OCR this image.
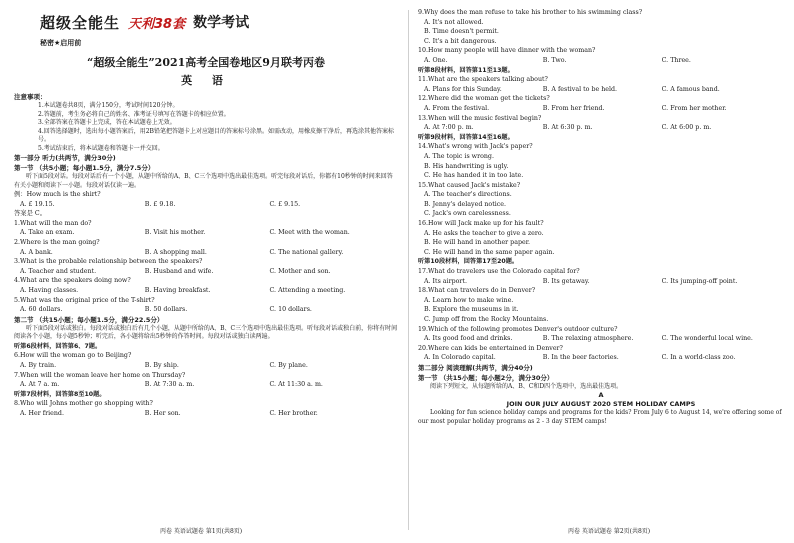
超级全能生 天利38套 数学考试
秘密★启用前
“超级全能生”2021高考全国卷地区9月联考丙卷
英 语
注意事项：
1.本试题卷共8页，满分150分，考试时间120分钟。
2.答题前，考生务必将自己的姓名、准考证号填写在答题卡的相应位置。
3.全部答案在答题卡上完成，答在本试题卷上无效。
4.回答选择题时，选出每小题答案后，用2B铅笔把答题卡上对应题目的答案标号涂黑。如需改动，用橡皮擦干净后，再选涂其他答案标号。
5.考试结束后，将本试题卷和答题卡一并交回。
第一部分 听力(共两节，满分30分)
第一节 （共5小题；每小题1.5分，满分7.5分）
听下面5段对话。每段对话后有一个小题，从题中所给的A、B、C三个选项中选出最佳选项。听完每段对话后，你都有10秒钟的时间来回答有关小题和阅读下一小题。每段对话仅读一遍。
例：How much is the shirt?
A. £ 19.15.	B. £ 9.18.	C. £ 9.15.
答案是 C。
1.What will the man do?
A. Take an exam.	B. Visit his mother.	C. Meet with the woman.
2.Where is the man going?
A. A bank.	B. A shopping mall.	C. The national gallery.
3.What is the probable relationship between the speakers?
A. Teacher and student.	B. Husband and wife.	C. Mother and son.
4.What are the speakers doing now?
A. Having classes.	B. Having breakfast.	C. Attending a meeting.
5.What was the original price of the T-shirt?
A. 60 dollars.	B. 50 dollars.	C. 10 dollars.
第二节 （共15小题；每小题1.5分，满分22.5分）
听下面5段对话或独白。每段对话或独白后有几个小题，从题中所给的A、B、C三个选项中选出最佳选项。听每段对话或独白前，你将有时间阅读各个小题，每小题5秒钟；听完后，各小题将给出5秒钟的作答时间。每段对话或独白读两遍。
听第6段材料，回答第6、7题。
6.How will the woman go to Beijing?
A. By train.	B. By ship.	C. By plane.
7.When will the woman leave her home on Thursday?
A. At 7 a. m.	B. At 7:30 a. m.	C. At 11:30 a. m.
听第7段材料，回答第8至10题。
8.Who will Johns mother go shopping with?
A. Her friend.	B. Her son.	C. Her brother.
9.Why does the man refuse to take his brother to his swimming class?
A. It's not allowed.
B. Time doesn't permit.
C. It's a bit dangerous.
10.How many people will have dinner with the woman?
A. One.	B. Two.	C. Three.
听第8段材料，回答第11至13题。
11.What are the speakers talking about?
A. Plans for this Sunday.	B. A festival to be held.	C. A famous band.
12.Where did the woman get the tickets?
A. From the festival.	B. From her friend.	C. From her mother.
13.When will the music festival begin?
A. At 7:00 p. m.	B. At 6:30 p. m.	C. At 6:00 p. m.
听第9段材料，回答第14至16题。
14.What's wrong with Jack's paper?
A. The topic is wrong.
B. His handwriting is ugly.
C. He has handed it in too late.
15.What caused Jack's mistake?
A. The teacher's directions.
B. Jenny's delayed notice.
C. Jack's own carelessness.
16.How will Jack make up for his fault?
A. He asks the teacher to give a zero.
B. He will hand in another paper.
C. He will hand in the same paper again.
听第10段材料，回答第17至20题。
17.What do travelers use the Colorado capital for?
A. Its airport.	B. Its getaway.	C. Its jumping-off point.
18.What can travelers do in Denver?
A. Learn how to make wine.
B. Explore the museums in it.
C. Jump off from the Rocky Mountains.
19.Which of the following promotes Denver's outdoor culture?
A. Its good food and drinks.	B. The relaxing atmosphere.	C. The wonderful local wine.
20.Where can kids be entertained in Denver?
A. In Colorado capital.	B. In the beer factories.	C. In a world-class zoo.
第二部分 阅读理解(共两节，满分40分)
第一节 （共15小题；每小题2分，满分30分）
阅读下列短文，从每题所给的A、B、C和D四个选项中，选出最佳选项。
A
JOIN OUR JULY AUGUST 2020 STEM HOLIDAY CAMPS
Looking for fun science holiday camps and programs for the kids? From July 6 to August 14, we're offering some of our most popular holiday programs as 2 - 3 day STEM camps!
丙卷 英语试题卷 第1页(共8页)	丙卷 英语试题卷 第2页(共8页)
